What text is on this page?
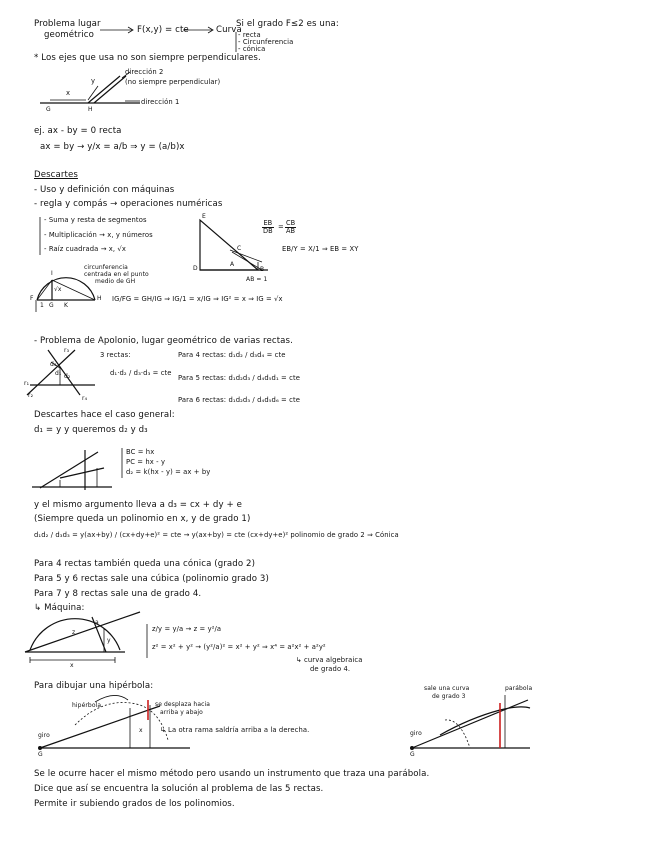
Problema lugar
geométrico	F(x,y) = cte	Curva
Si el grado F≤2 es una:
- recta
- Circunferencia
- cónica
* Los ejes que usa no son siempre perpendiculares.
dirección 2
(no siempre perpendicular)
dirección 1
y
x
G	H
ej. ax - by = 0 recta
ax = by → y/x = a/b ⇒ y = (a/b)x
Descartes
- Uso y definición con máquinas
- regla y compás → operaciones numéricas
- Suma y resta de segmentos
- Multiplicación → x, y números
- Raíz cuadrada → x, √x
E
D
C
A
B
AB = 1
$\frac{EB}{DB} = \frac{CB}{AB}$
EB/Y = X/1 ⇒ EB = XY
circunferencia
centrada en el punto
medio de GH
I
F
G
H
K
√x
1
IG/FG = GH/IG ⇒ IG/1 = x/IG ⇒ IG² = x ⇒ IG = √x
- Problema de Apolonio, lugar geométrico de varias rectas.
3 rectas:
d₁·d₂ / d₃·d₃ = cte
Para 4 rectas: d₁d₂ / d₃d₄ = cte
Para 5 rectas: d₁d₂d₃ / d₄d₅d₁ = cte
Para 6 rectas: d₁d₂d₃ / d₄d₅d₆ = cte
r₁
r₂
r₃
r₄
d₁ d₂
d₃
Descartes hace el caso general:
d₁ = y y queremos d₂ y d₃
BC = hx
PC = hx - y
d₂ = k(hx - y) = ax + by
y el mismo argumento lleva a d₃ = cx + dy + e
(Siempre queda un polinomio en x, y de grado 1)
d₁d₂ / d₃d₃ = y(ax+by) / (cx+dy+e)² = cte → y(ax+by) = cte (cx+dy+e)² polinomio de grado 2 ⇒ Cónica
Para 4 rectas también queda una cónica (grado 2)
Para 5 y 6 rectas sale una cúbica (polinomio grado 3)
Para 7 y 8 rectas sale una de grado 4.
↳ Máquina:
z/y = y/a → z = y²/a
z² = x² + y² → (y²/a)² = x² + y² ⇒ x⁴ = a²x² + a²y²
↳ curva algebraica
de grado 4.
x
y
z
a
Para dibujar una hipérbola:
hipérbola	se desplaza hacia
arriba y abajo
↳ La otra rama saldría arriba a la derecha.
giro
G
x
sale una curva
de grado 3
parábola
giro
G
Se le ocurre hacer el mismo método pero usando un instrumento que traza una parábola.
Dice que así se encuentra la solución al problema de las 5 rectas.
Permite ir subiendo grados de los polinomios.
